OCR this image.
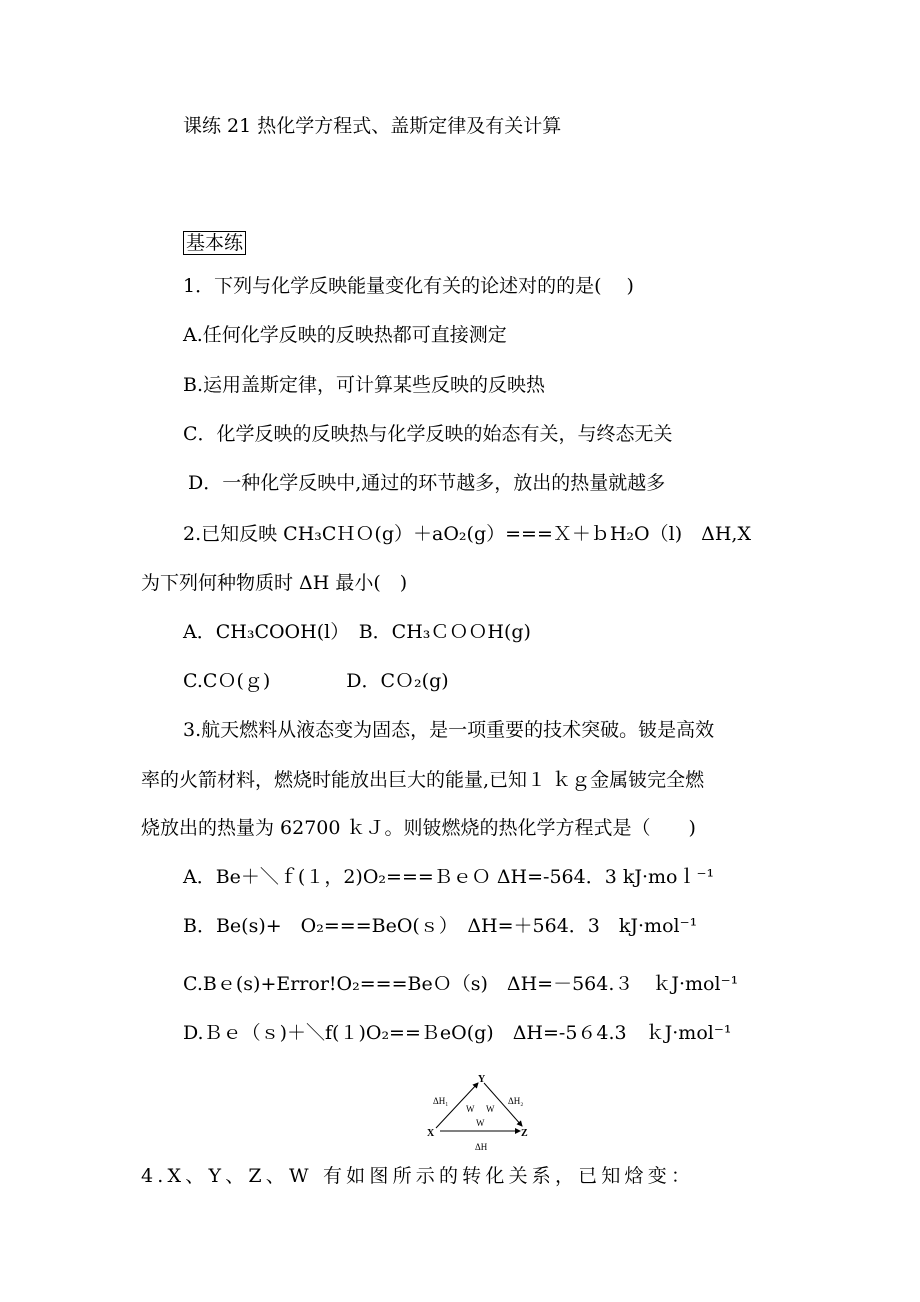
课练 21 热化学方程式、盖斯定律及有关计算
基本练
1．下列与化学反映能量变化有关的论述对的的是(　 )
A.任何化学反映的反映热都可直接测定
B.运用盖斯定律，可计算某些反映的反映热
C．化学反映的反映热与化学反映的始态有关，与终态无关
D．一种化学反映中,通过的环节越多，放出的热量就越多
2.已知反映 CH₃CＨＯ(g）＋aO₂(g）===Ｘ＋ｂH₂O（l)　ΔH,X
为下列何种物质时 ΔH 最小(　)
A．CH₃COOH(l）　B．CH₃ＣＯＯH(g)
C.CＯ(ｇ)　　　　D．CＯ₂(g)
3.航天燃料从液态变为固态，是一项重要的技术突破。铍是高效
率的火箭材料，燃烧时能放出巨大的能量,已知１ ｋｇ金属铍完全燃
烧放出的热量为 62700 ｋＪ。则铍燃烧的热化学方程式是（　　)
A．Be＋＼ｆ(１，2)O₂===ＢｅＯ ΔH=-564．3 kJ·moｌ⁻¹
B．Be(s)+　O₂===BeO(ｓ）　ΔH=＋564．3　kJ·mol⁻¹
C.Bｅ(s)+Error!O₂===BeＯ（s)　ΔH=－564.３　ｋJ·mol⁻¹
D.Ｂｅ（ｓ)＋＼f(１)O₂==ＢeO(g)　ΔH=-5６4.3　ｋJ·mol⁻¹
Y
X	Z
ΔH₁	ΔH₂
ΔH
W W
W
4.X、Y、Z、W 有如图所示的转化关系，已知焓变：
